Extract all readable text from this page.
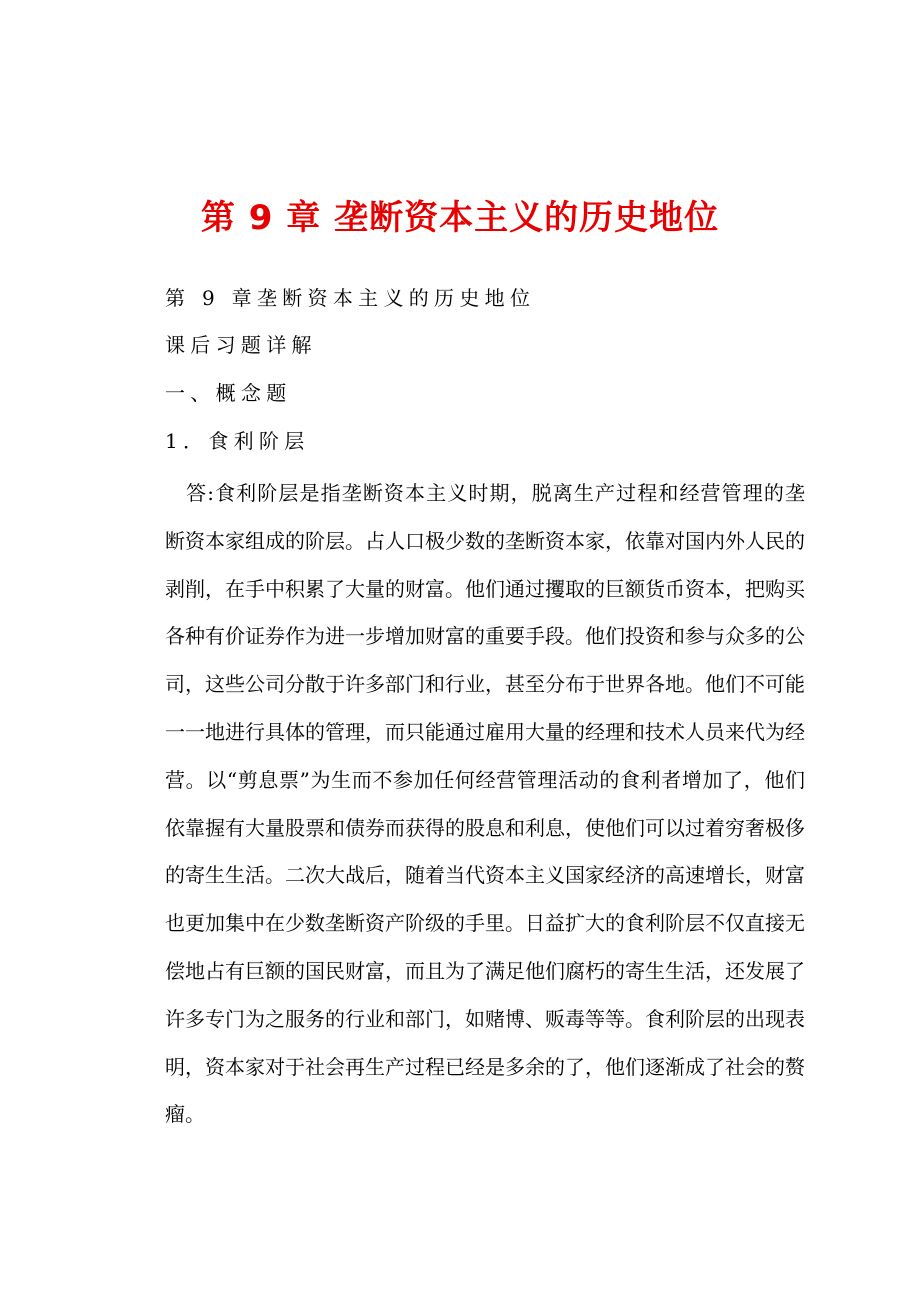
第 9 章 垄断资本主义的历史地位
第 9 章垄断资本主义的历史地位
课后习题详解
一、概念题
1．食利阶层
　答:食利阶层是指垄断资本主义时期，脱离生产过程和经营管理的垄
断资本家组成的阶层。占人口极少数的垄断资本家，依靠对国内外人民的
剥削，在手中积累了大量的财富。他们通过攫取的巨额货币资本，把购买
各种有价证券作为进一步增加财富的重要手段。他们投资和参与众多的公
司，这些公司分散于许多部门和行业，甚至分布于世界各地。他们不可能
一一地进行具体的管理，而只能通过雇用大量的经理和技术人员来代为经
营。以“剪息票”为生而不参加任何经营管理活动的食利者增加了，他们
依靠握有大量股票和债券而获得的股息和利息，使他们可以过着穷奢极侈
的寄生生活。二次大战后，随着当代资本主义国家经济的高速增长，财富
也更加集中在少数垄断资产阶级的手里。日益扩大的食利阶层不仅直接无
偿地占有巨额的国民财富，而且为了满足他们腐朽的寄生生活，还发展了
许多专门为之服务的行业和部门，如赌博、贩毒等等。食利阶层的出现表
明，资本家对于社会再生产过程已经是多余的了，他们逐渐成了社会的赘
瘤。
